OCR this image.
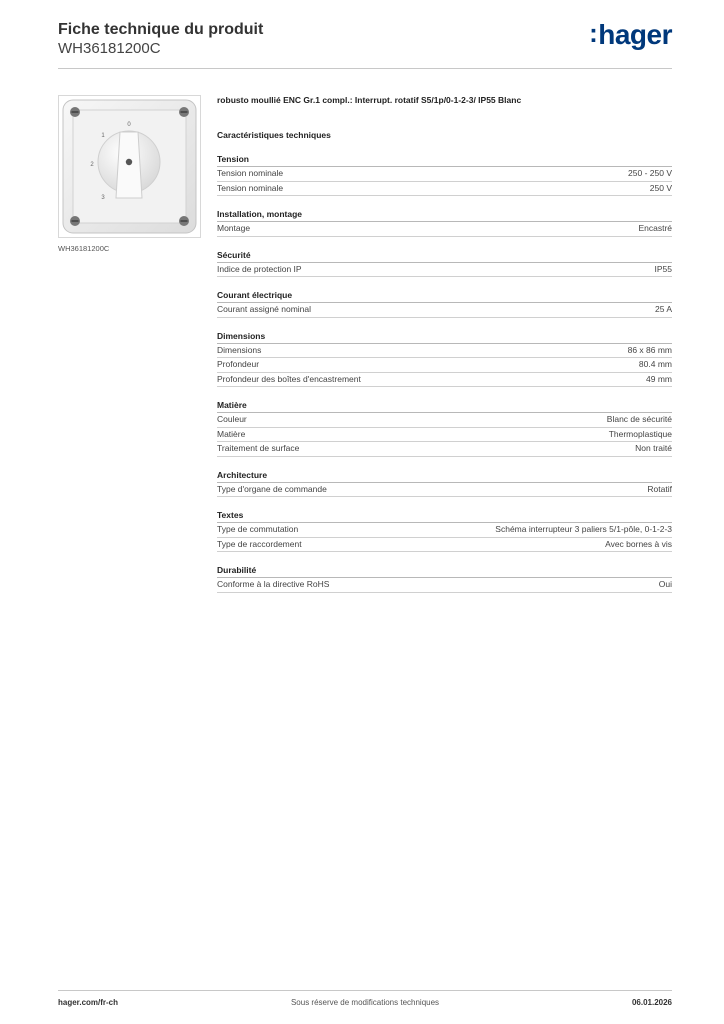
Fiche technique du produit
WH36181200C
:hager
0
1
2
3
WH36181200C
robusto moullié ENC Gr.1 compl.: Interrupt. rotatif S5/1p/0-1-2-3/ IP55 Blanc
Caractéristiques techniques
Tension
Tension nominale	250 - 250 V
Tension nominale	250 V
Installation, montage
Montage	Encastré
Sécurité
Indice de protection IP	IP55
Courant électrique
Courant assigné nominal	25 A
Dimensions
Dimensions	86 x 86 mm
Profondeur	80.4 mm
Profondeur des boîtes d'encastrement	49 mm
Matière
Couleur	Blanc de sécurité
Matière	Thermoplastique
Traitement de surface	Non traité
Architecture
Type d'organe de commande	Rotatif
Textes
Type de commutation	Schéma interrupteur 3 paliers 5/1-pôle, 0-1-2-3
Type de raccordement	Avec bornes à vis
Durabilité
Conforme à la directive RoHS	Oui
hager.com/fr-ch	Sous réserve de modifications techniques	06.01.2026
